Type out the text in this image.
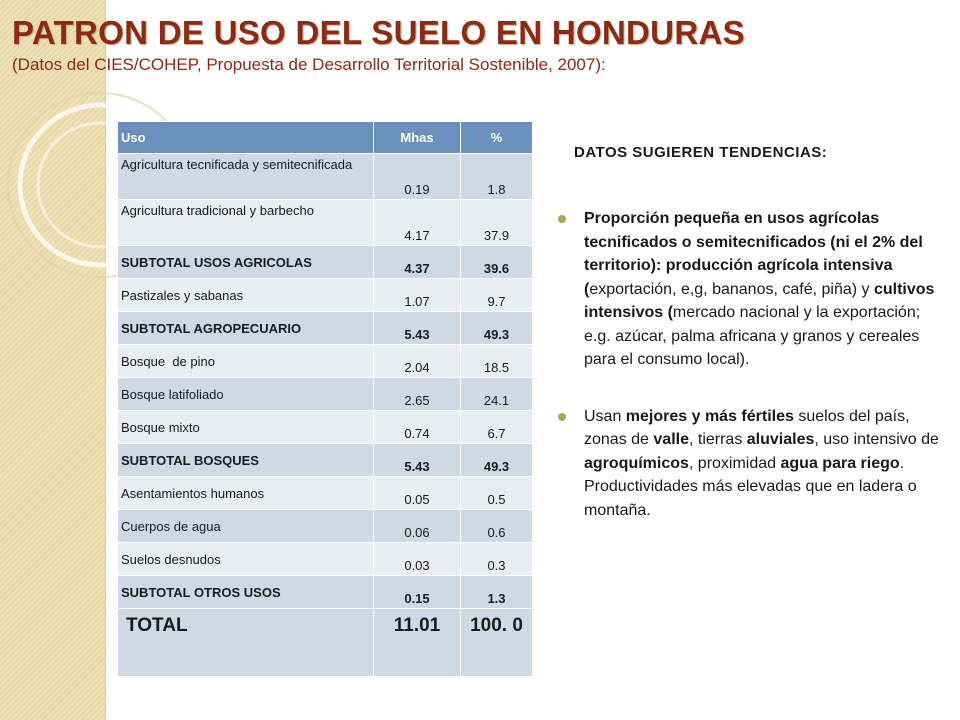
PATRON DE USO DEL SUELO EN HONDURAS
(Datos del CIES/COHEP, Propuesta de Desarrollo Territorial Sostenible, 2007):
Uso	Mhas	%
Agricultura tecnificada y semitecnificada	0.19	1.8
Agricultura tradicional y barbecho	4.17	37.9
SUBTOTAL USOS AGRICOLAS	4.37	39.6
Pastizales y sabanas	1.07	9.7
SUBTOTAL AGROPECUARIO	5.43	49.3
Bosque  de pino	2.04	18.5
Bosque latifoliado	2.65	24.1
Bosque mixto	0.74	6.7
SUBTOTAL BOSQUES	5.43	49.3
Asentamientos humanos	0.05	0.5
Cuerpos de agua	0.06	0.6
Suelos desnudos	0.03	0.3
SUBTOTAL OTROS USOS	0.15	1.3
TOTAL	11.01	100. 0
DATOS SUGIEREN TENDENCIAS:
Proporción pequeña en usos agrícolas tecnificados o semitecnificados (ni el 2% del territorio): producción agrícola intensiva (exportación, e,g, bananos, café, piña) y cultivos intensivos (mercado nacional y la exportación; e.g. azúcar, palma africana y granos y cereales para el consumo local).
Usan mejores y más fértiles suelos del país, zonas de valle, tierras aluviales, uso intensivo de agroquímicos, proximidad agua para riego. Productividades más elevadas que en ladera o montaña.
